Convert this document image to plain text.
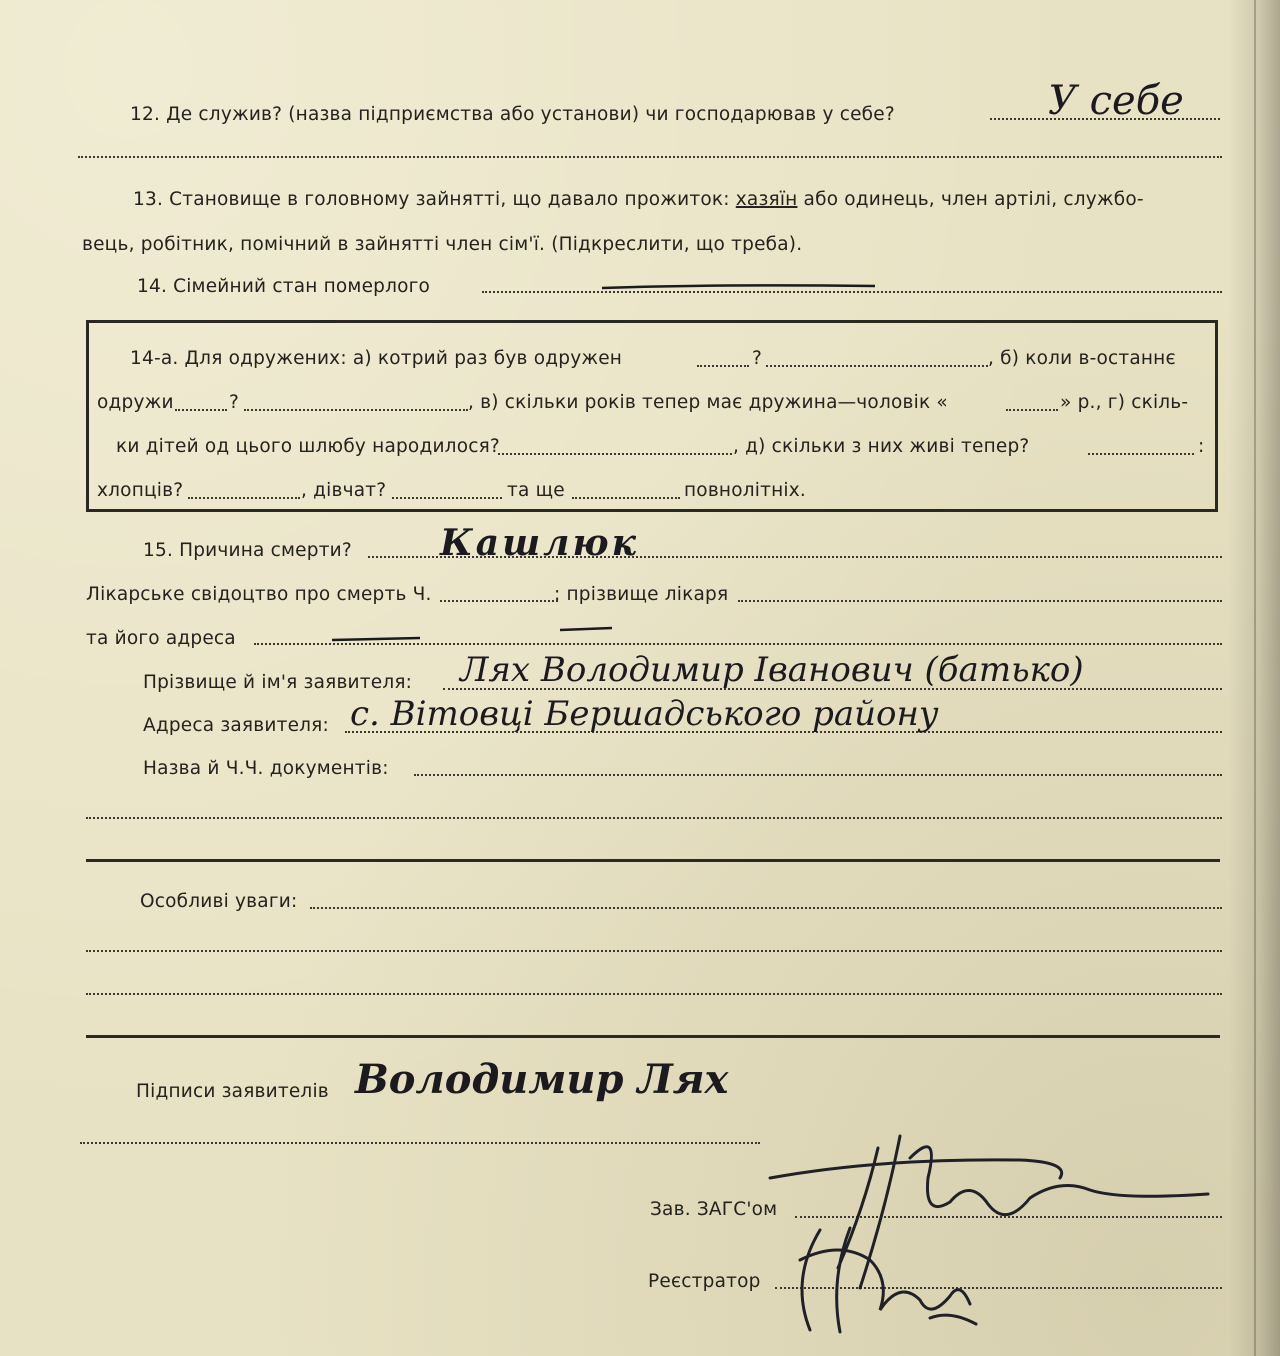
12. Де служив? (назва підприємства або установи) чи господарював у себе?	У себе
13. Становище в головному зайнятті, що давало прожиток: хазяїн або одинець, член артілі, службо-
вець, робітник, помічний в зайнятті член сім'ї. (Підкреслити, що треба).
14. Сімейний стан померлого
14-а. Для одружених: а) котрий раз був одружен	?	, б) коли в-останнє
одружи	?	, в) скільки років тепер має дружина—чоловік «	» р., г) скіль-
ки дітей од цього шлюбу народилося?	, д) скільки з них живі тепер?	:
хлопців?	, дівчат?	та ще	повнолітніх.
15. Причина смерти? Кашлюк
Лікарське свідоцтво про смерть Ч.	: прізвище лікаря
та його адреса
Прізвище й ім'я заявителя: Лях Володимир Іванович (батько)
Адреса заявителя: с. Вітовці Бершадського району
Назва й Ч.Ч. документів:
Особливі уваги:
Підписи заявителів Володимир Лях
Зав. ЗАГС'ом
Реєстратор
